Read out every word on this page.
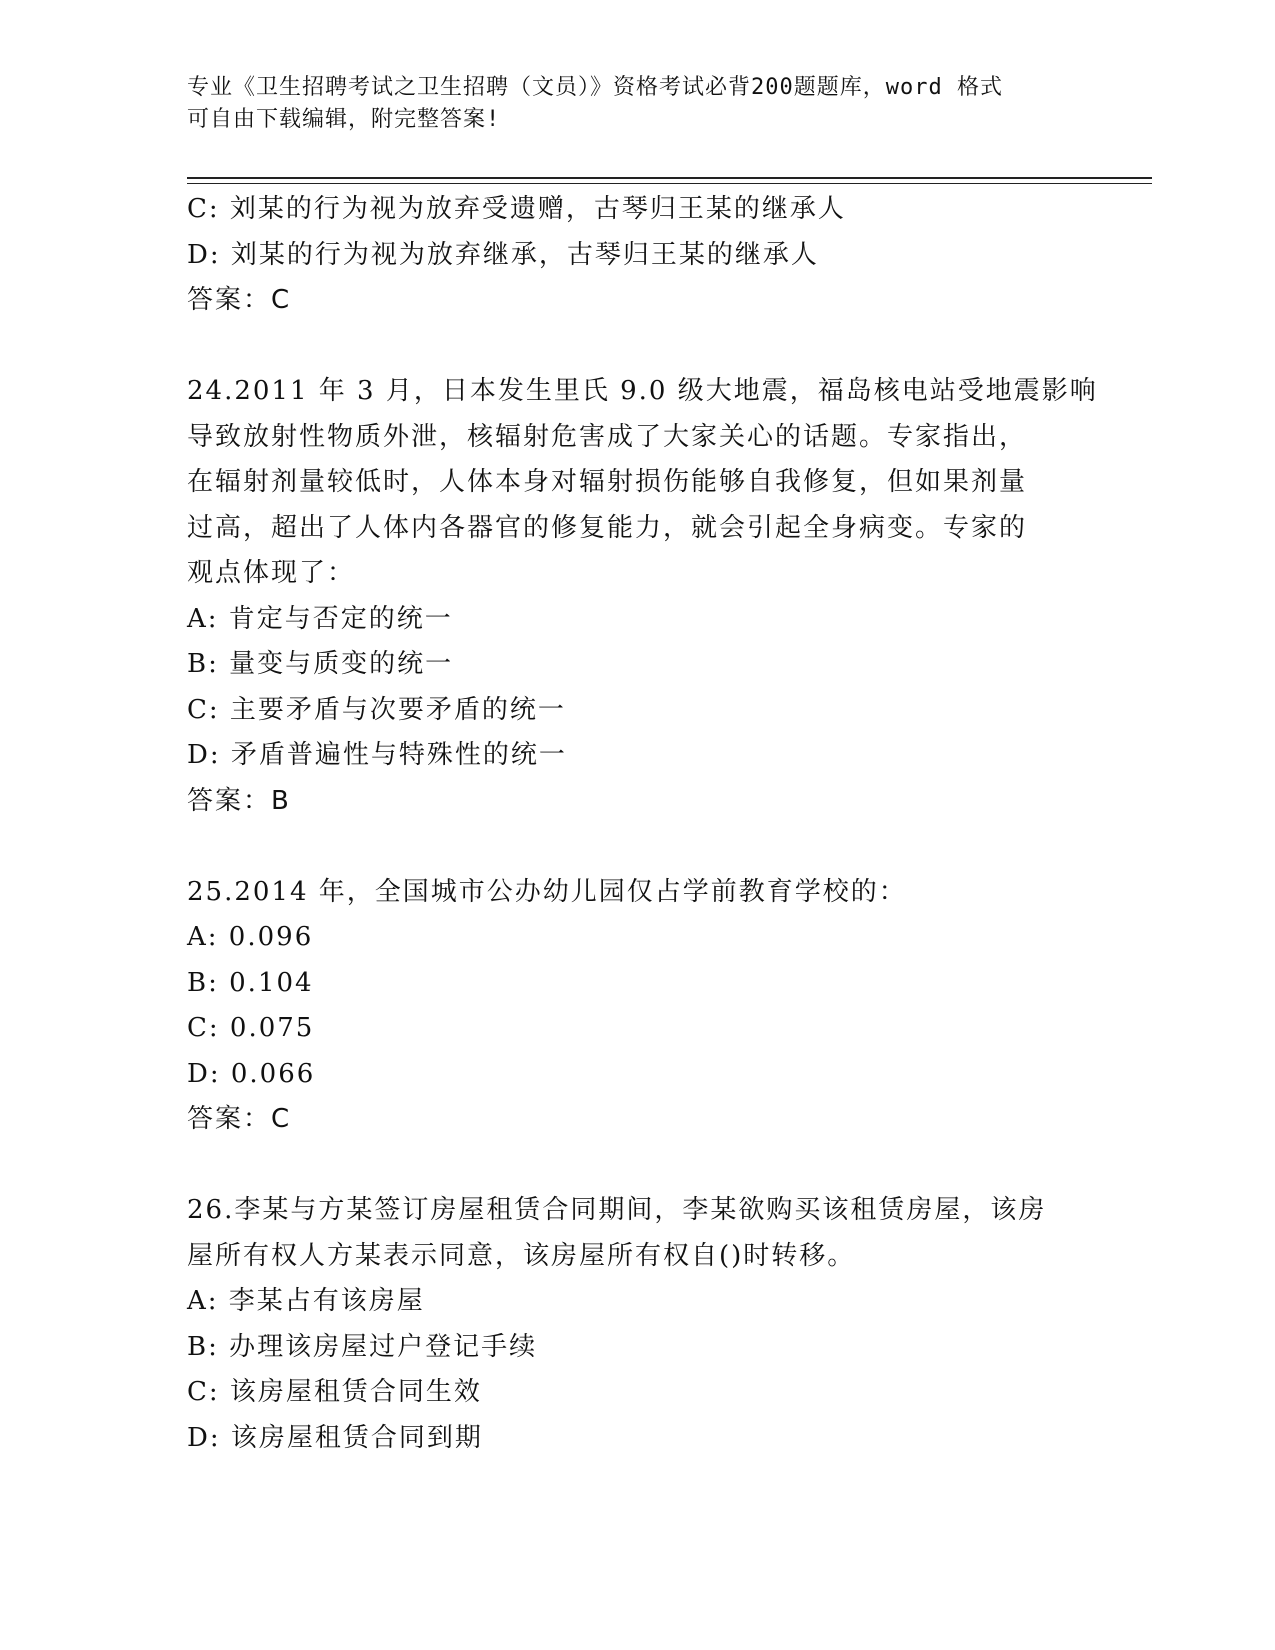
专业《卫生招聘考试之卫生招聘（文员）》资格考试必背200题题库，word 格式
可自由下载编辑，附完整答案!
C: 刘某的行为视为放弃受遗赠，古琴归王某的继承人
D: 刘某的行为视为放弃继承，古琴归王某的继承人
答案：C
24.2011 年 3 月，日本发生里氏 9.0 级大地震，福岛核电站受地震影响
导致放射性物质外泄，核辐射危害成了大家关心的话题。专家指出，
在辐射剂量较低时，人体本身对辐射损伤能够自我修复，但如果剂量
过高，超出了人体内各器官的修复能力，就会引起全身病变。专家的
观点体现了：
A: 肯定与否定的统一
B: 量变与质变的统一
C: 主要矛盾与次要矛盾的统一
D: 矛盾普遍性与特殊性的统一
答案：B
25.2014 年，全国城市公办幼儿园仅占学前教育学校的：
A: 0.096
B: 0.104
C: 0.075
D: 0.066
答案：C
26.李某与方某签订房屋租赁合同期间，李某欲购买该租赁房屋，该房
屋所有权人方某表示同意，该房屋所有权自()时转移。
A: 李某占有该房屋
B: 办理该房屋过户登记手续
C: 该房屋租赁合同生效
D: 该房屋租赁合同到期
